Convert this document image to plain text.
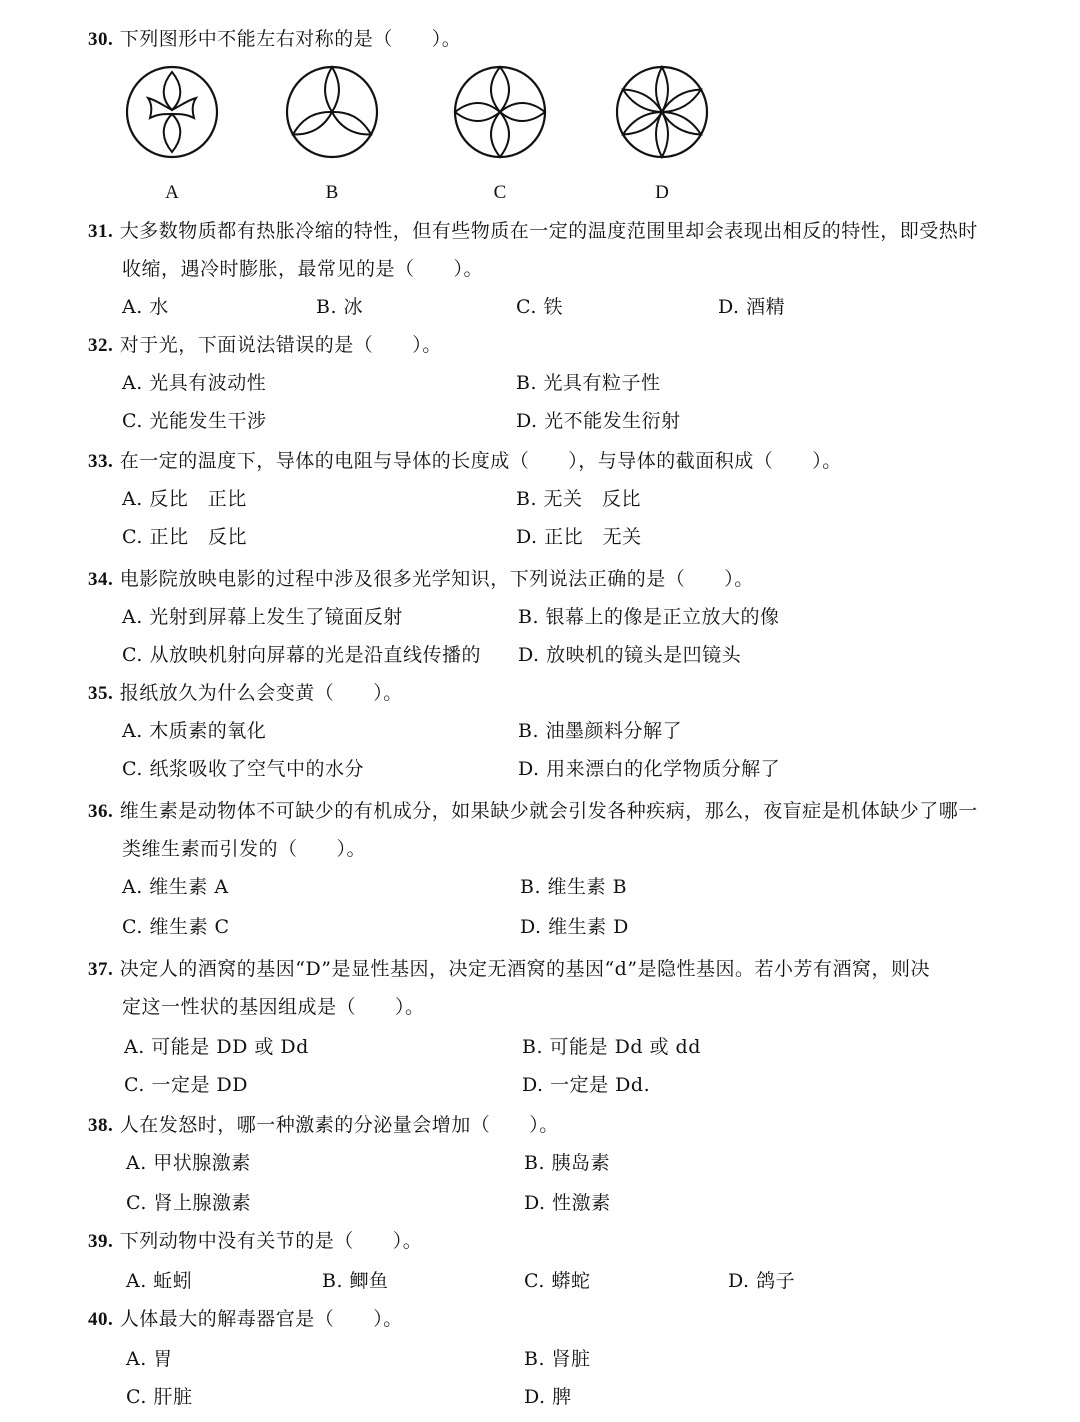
30. 下列图形中不能左右对称的是（　　）。
A	B	C	D
31. 大多数物质都有热胀冷缩的特性，但有些物质在一定的温度范围里却会表现出相反的特性，即受热时
收缩，遇冷时膨胀，最常见的是（　　）。
A. 水	B. 冰	C. 铁	D. 酒精
32. 对于光，下面说法错误的是（　　）。
A. 光具有波动性	B. 光具有粒子性
C. 光能发生干涉	D. 光不能发生衍射
33. 在一定的温度下，导体的电阻与导体的长度成（　　），与导体的截面积成（　　）。
A. 反比　正比	B. 无关　反比
C. 正比　反比	D. 正比　无关
34. 电影院放映电影的过程中涉及很多光学知识，下列说法正确的是（　　）。
A. 光射到屏幕上发生了镜面反射	B. 银幕上的像是正立放大的像
C. 从放映机射向屏幕的光是沿直线传播的 D. 放映机的镜头是凹镜头
35. 报纸放久为什么会变黄（　　）。
A. 木质素的氧化	B. 油墨颜料分解了
C. 纸浆吸收了空气中的水分	D. 用来漂白的化学物质分解了
36. 维生素是动物体不可缺少的有机成分，如果缺少就会引发各种疾病，那么，夜盲症是机体缺少了哪一
类维生素而引发的（　　）。
A. 维生素 A	B. 维生素 B
C. 维生素 C	D. 维生素 D
37. 决定人的酒窝的基因“D”是显性基因，决定无酒窝的基因“d”是隐性基因。若小芳有酒窝，则决
定这一性状的基因组成是（　　）。
A. 可能是 DD 或 Dd	B. 可能是 Dd 或 dd
C. 一定是 DD	D. 一定是 Dd.
38. 人在发怒时，哪一种激素的分泌量会增加（　　）。
A. 甲状腺激素	B. 胰岛素
C. 肾上腺激素	D. 性激素
39. 下列动物中没有关节的是（　　）。
A. 蚯蚓	B. 鲫鱼	C. 蟒蛇	D. 鸽子
40. 人体最大的解毒器官是（　　）。
A. 胃	B. 肾脏
C. 肝脏	D. 脾
